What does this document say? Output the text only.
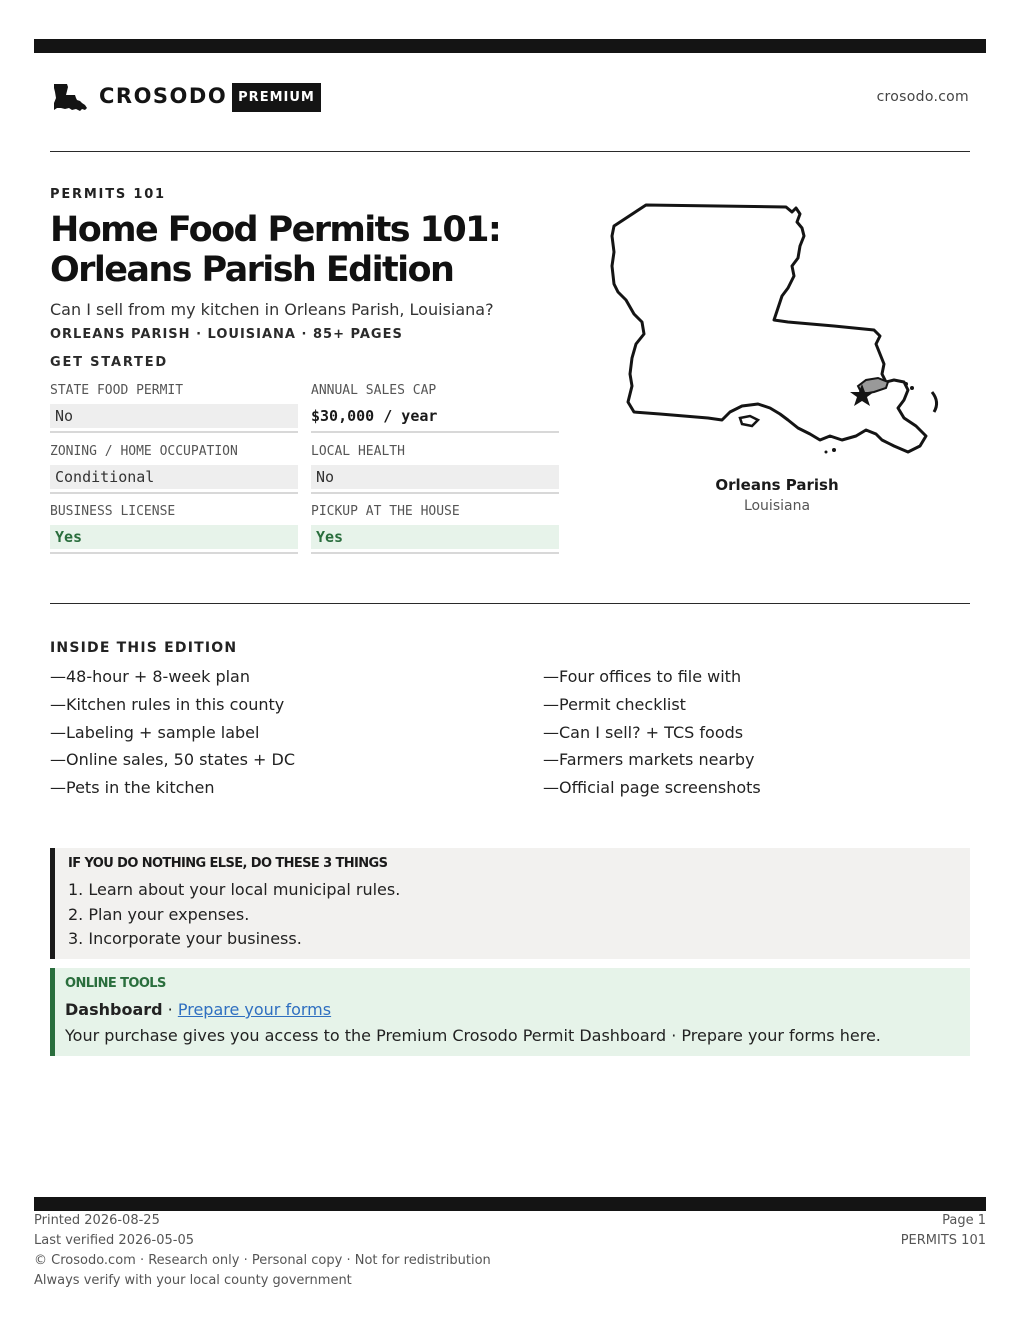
CROSODO PREMIUM	crosodo.com
PERMITS 101
Home Food Permits 101: Orleans Parish Edition
Can I sell from my kitchen in Orleans Parish, Louisiana?
ORLEANS PARISH · LOUISIANA · 85+ PAGES
GET STARTED
STATE FOOD PERMIT
No
ANNUAL SALES CAP
$30,000 / year
ZONING / HOME OCCUPATION
Conditional
LOCAL HEALTH
No
BUSINESS LICENSE
Yes
PICKUP AT THE HOUSE
Yes
Orleans Parish
Louisiana
INSIDE THIS EDITION
—48-hour + 8-week plan
—Kitchen rules in this county
—Labeling + sample label
—Online sales, 50 states + DC
—Pets in the kitchen
—Four offices to file with
—Permit checklist
—Can I sell? + TCS foods
—Farmers markets nearby
—Official page screenshots
IF YOU DO NOTHING ELSE, DO THESE 3 THINGS
1. Learn about your local municipal rules.
2. Plan your expenses.
3. Incorporate your business.
ONLINE TOOLS
Dashboard · Prepare your forms
Your purchase gives you access to the Premium Crosodo Permit Dashboard · Prepare your forms here.
Printed 2026-08-25
Last verified 2026-05-05
© Crosodo.com · Research only · Personal copy · Not for redistribution
Always verify with your local county government
Page 1
PERMITS 101
